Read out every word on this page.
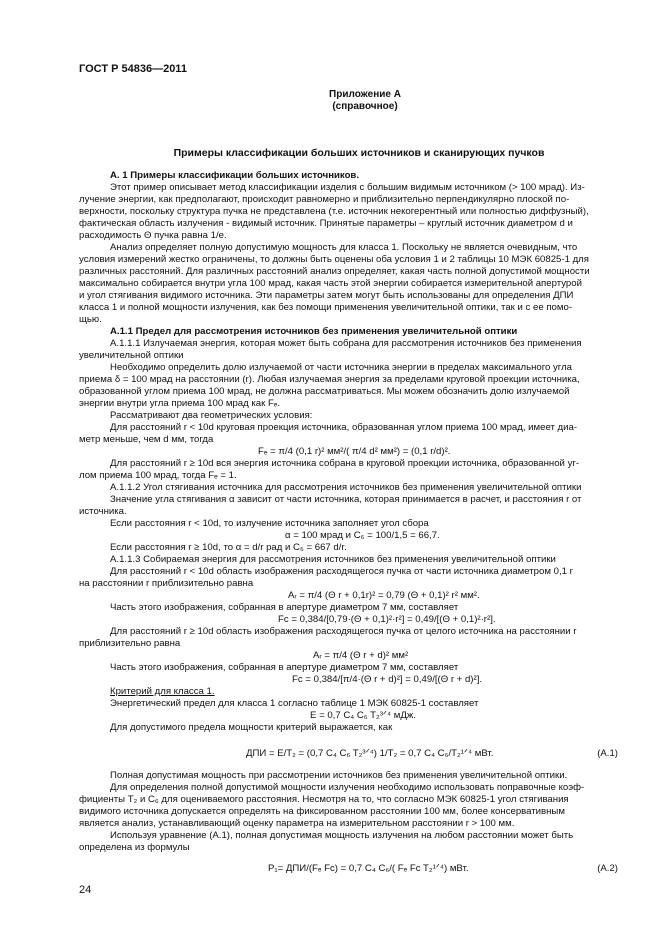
ГОСТ Р 54836—2011
Приложение А
(справочное)
Примеры классификации больших источников и сканирующих пучков
А. 1 Примеры классификации больших источников.
Этот пример описывает метод классификации изделия с большим видимым источником (> 100 мрад). Из-
лучение энергии, как предполагают, происходит равномерно и приблизительно перпендикулярно плоской по-
верхности, поскольку структура пучка не представлена (т.е. источник некогерентный или полностью диффузный),
фактическая область излучения - видимый источник. Принятые параметры – круглый источник диаметром d и
расходимость Θ пучка равна 1/е.
Анализ определяет полную допустимую мощность для класса 1. Поскольку не является очевидным, что
условия измерений жестко ограничены, то должны быть оценены оба условия 1 и 2 таблицы 10 МЭК 60825-1 для
различных расстояний. Для различных расстояний анализ определяет, какая часть полной допустимой мощности
максимально собирается внутри угла 100 мрад, какая часть этой энергии собирается измерительной апертурой
и угол стягивания видимого источника. Эти параметры затем могут быть использованы для определения ДПИ
класса 1 и полной мощности излучения, как без помощи применения увеличительной оптики, так и с ее помо-
щью.
А.1.1 Предел для рассмотрения источников без применения увеличительной оптики
А.1.1.1 Излучаемая энергия, которая может быть собрана для рассмотрения источников без применения
увеличительной оптики
Необходимо определить долю излучаемой от части источника энергии в пределах максимального угла
приема δ = 100 мрад на расстоянии (r). Любая излучаемая энергия за пределами круговой проекции источника,
образованной углом приема 100 мрад, не должна рассматриваться. Мы можем обозначить долю излучаемой
энергии внутри угла приема 100 мрад как Fₑ.
Рассматривают два геометрических условия:
Для расстояний r < 10d круговая проекция источника, образованная углом приема 100 мрад, имеет диа-
метр меньше, чем d мм, тогда
Fₑ = π/4 (0,1 r)² мм²/( π/4 d² мм²) = (0,1 r/d)².
Для расстояний r ≥ 10d вся энергия источника собрана в круговой проекции источника, образованной уг-
лом приема 100 мрад, тогда Fₑ = 1.
А.1.1.2 Угол стягивания источника для рассмотрения источников без применения увеличительной оптики
Значение угла стягивания α зависит от части источника, которая принимается в расчет, и расстояния r от
источника.
Если расстояния r < 10d, то излучение источника заполняет угол сбора
α = 100 мрад и C₆ = 100/1,5 = 66,7.
Если расстояния r ≥ 10d, то α = d/r рад и C₆ = 667 d/r.
А.1.1.3 Собираемая энергия для рассмотрения источников без применения увеличительной оптики
Для расстояний r < 10d область изображения расходящегося пучка от части источника диаметром 0,1 r
на расстоянии r приблизительно равна
Aᵣ = π/4 (Θ r + 0,1r)² = 0,79 (Θ + 0,1)² r² мм².
Часть этого изображения, собранная в апертуре диаметром 7 мм, составляет
Fc = 0,384/[0,79·(Θ + 0,1)²·r²] = 0,49/[(Θ + 0,1)²·r²].
Для расстояний r ≥ 10d область изображения расходящегося пучка от целого источника на расстоянии r
приблизительно равна
Aᵣ = π/4 (Θ r + d)² мм²
Часть этого изображения, собранная в апертуре диаметром 7 мм, составляет
Fc = 0,384/[π/4·(Θ r + d)²] = 0,49/[(Θ r + d)²].
Критерий для класса 1.
Энергетический предел для класса 1 согласно таблице 1 МЭК 60825-1 составляет
E = 0,7 C₄ C₆ T₂³ᐟ⁴ мДж.
Для допустимого предела мощности критерий выражается, как
ДПИ = E/T₂ = (0,7 C₄ C₆ T₂³ᐟ⁴) 1/T₂ = 0,7 C₄ C₆/T₂¹ᐟ⁴ мВт.	(А.1)
Полная допустимая мощность при рассмотрении источников без применения увеличительной оптики.
Для определения полной допустимой мощности излучения необходимо использовать поправочные коэф-
фициенты T₂ и C₆ для оцениваемого расстояния. Несмотря на то, что согласно МЭК 60825-1 угол стягивания
видимого источника допускается определять на фиксированном расстоянии 100 мм, более консервативным
является анализ, устанавливающий оценку параметра на измерительном расстоянии r > 100 мм.
Используя уравнение (А.1), полная допустимая мощность излучения на любом расстоянии может быть
определена из формулы
P₁= ДПИ/(Fₑ Fc) = 0,7 C₄ C₆/( Fₑ Fc T₂¹ᐟ⁴) мВт.	(А.2)
24
